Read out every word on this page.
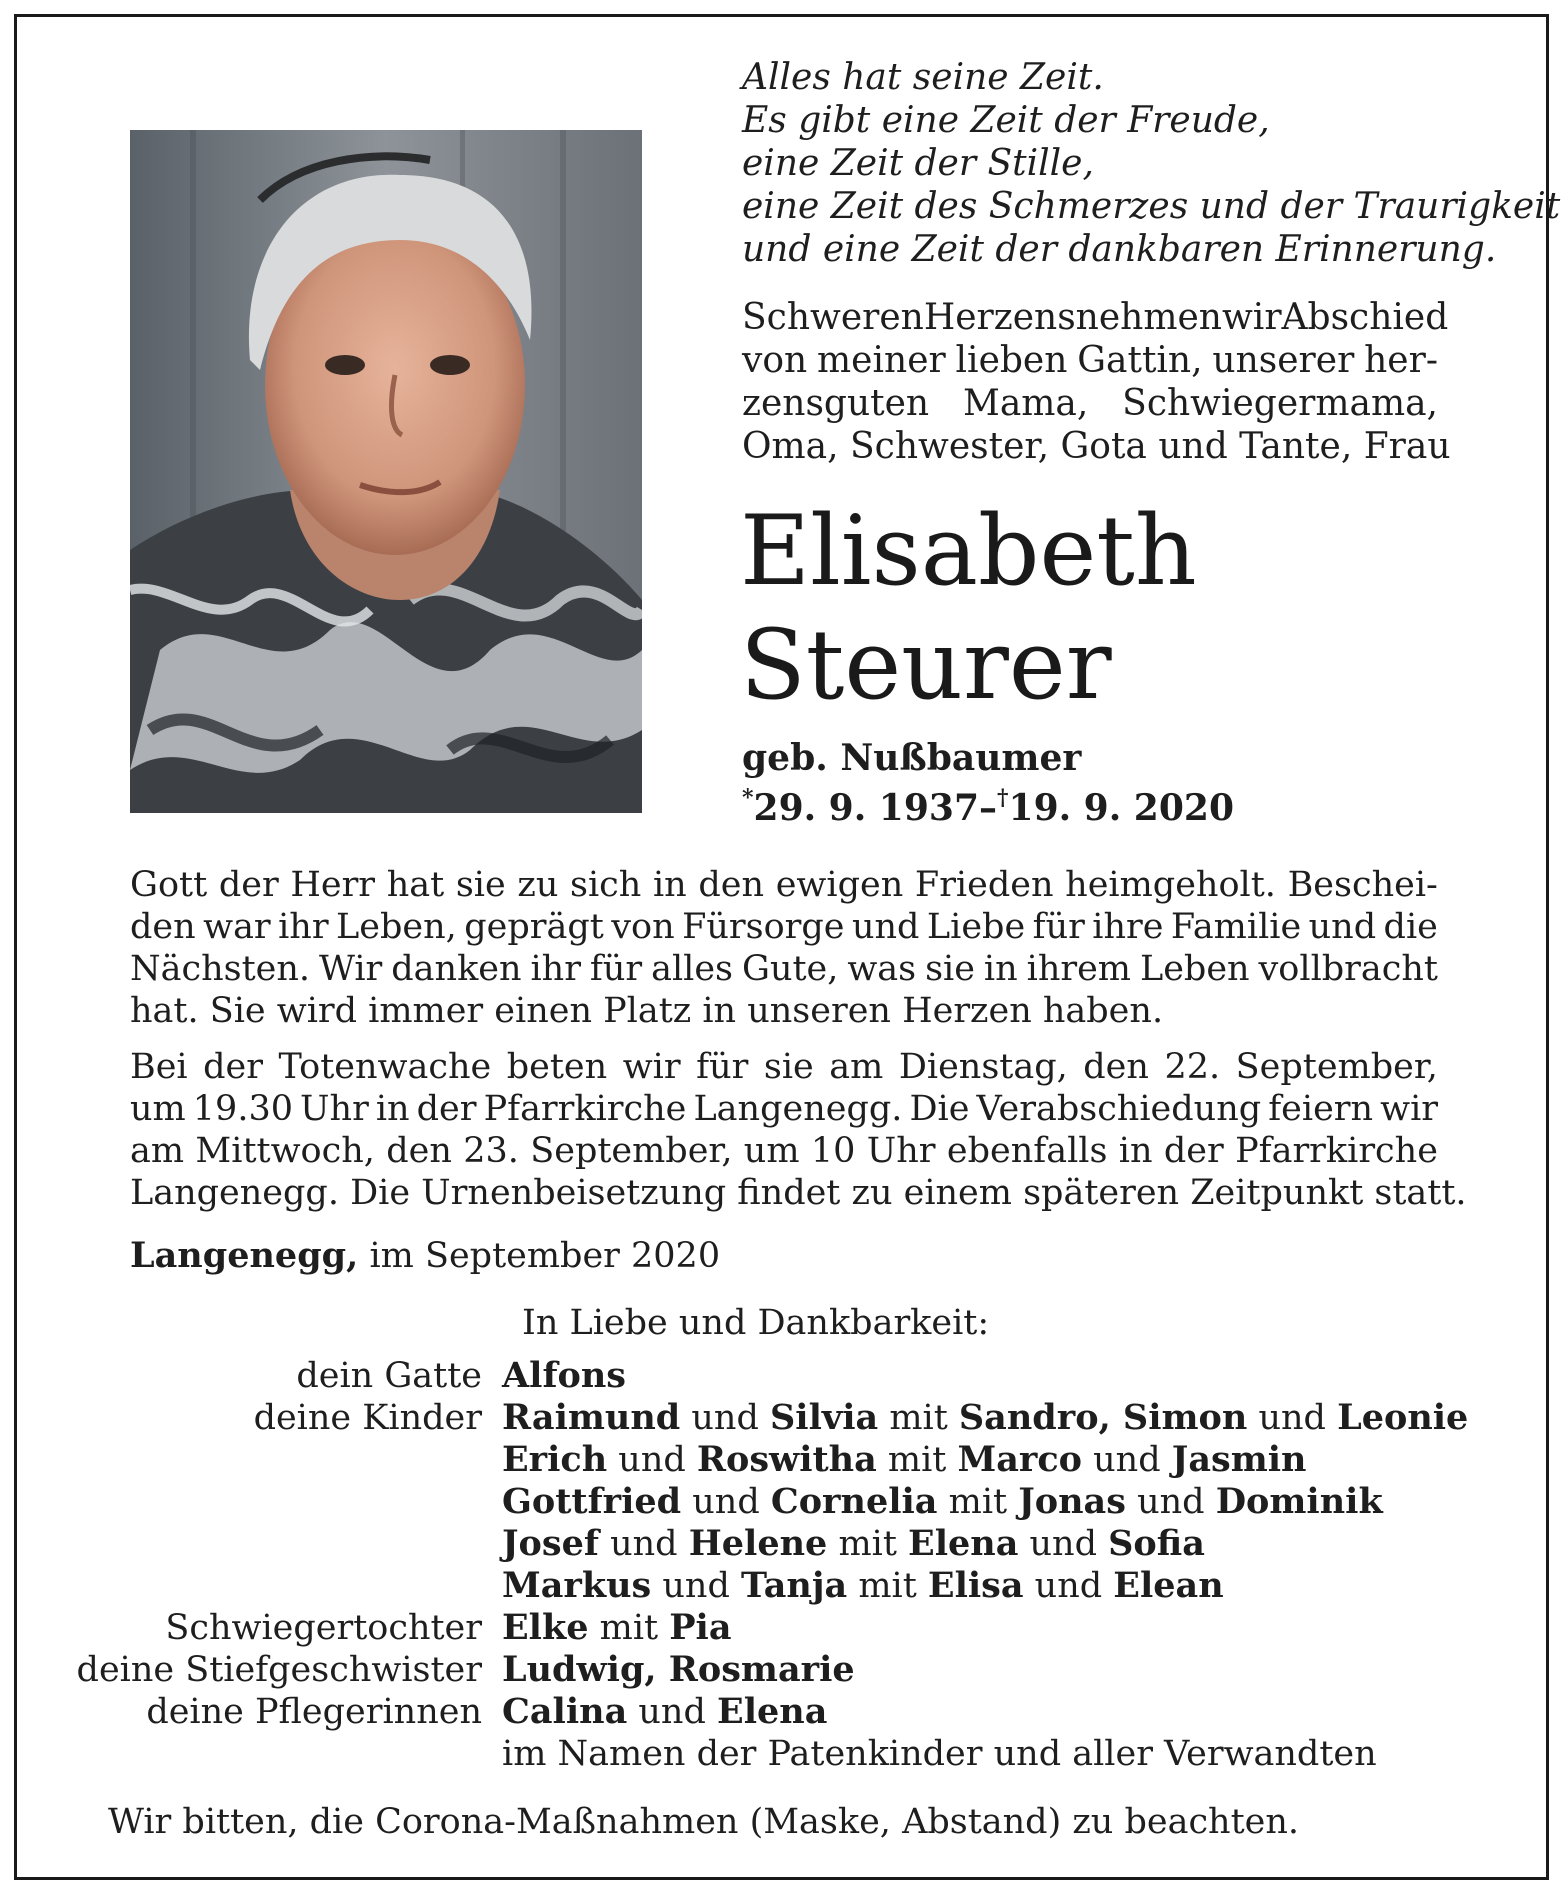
Alles hat seine Zeit.
Es gibt eine Zeit der Freude,
eine Zeit der Stille,
eine Zeit des Schmerzes und der Traurigkeit
und eine Zeit der dankbaren Erinnerung.
Schweren Herzens nehmen wir Abschied
von meiner lieben Gattin, unserer her-
zensguten Mama, Schwiegermama,
Oma, Schwester, Gota und Tante, Frau
Elisabeth
Steurer
geb. Nußbaumer
*29. 9. 1937–†19. 9. 2020
Gott der Herr hat sie zu sich in den ewigen Frieden heimgeholt. Beschei-
den war ihr Leben, geprägt von Fürsorge und Liebe für ihre Familie und die
Nächsten. Wir danken ihr für alles Gute, was sie in ihrem Leben vollbracht
hat. Sie wird immer einen Platz in unseren Herzen haben.
Bei der Totenwache beten wir für sie am Dienstag, den 22. September,
um 19.30 Uhr in der Pfarrkirche Langenegg. Die Verabschiedung feiern wir
am Mittwoch, den 23. September, um 10 Uhr ebenfalls in der Pfarrkirche
Langenegg. Die Urnenbeisetzung findet zu einem späteren Zeitpunkt statt.
Langenegg, im September 2020
In Liebe und Dankbarkeit:
dein Gatte Alfons
deine Kinder Raimund und Silvia mit Sandro, Simon und Leonie
Erich und Roswitha mit Marco und Jasmin
Gottfried und Cornelia mit Jonas und Dominik
Josef und Helene mit Elena und Sofia
Markus und Tanja mit Elisa und Elean
Schwiegertochter Elke mit Pia
deine Stiefgeschwister Ludwig, Rosmarie
deine Pflegerinnen Calina und Elena
im Namen der Patenkinder und aller Verwandten
Wir bitten, die Corona-Maßnahmen (Maske, Abstand) zu beachten.
